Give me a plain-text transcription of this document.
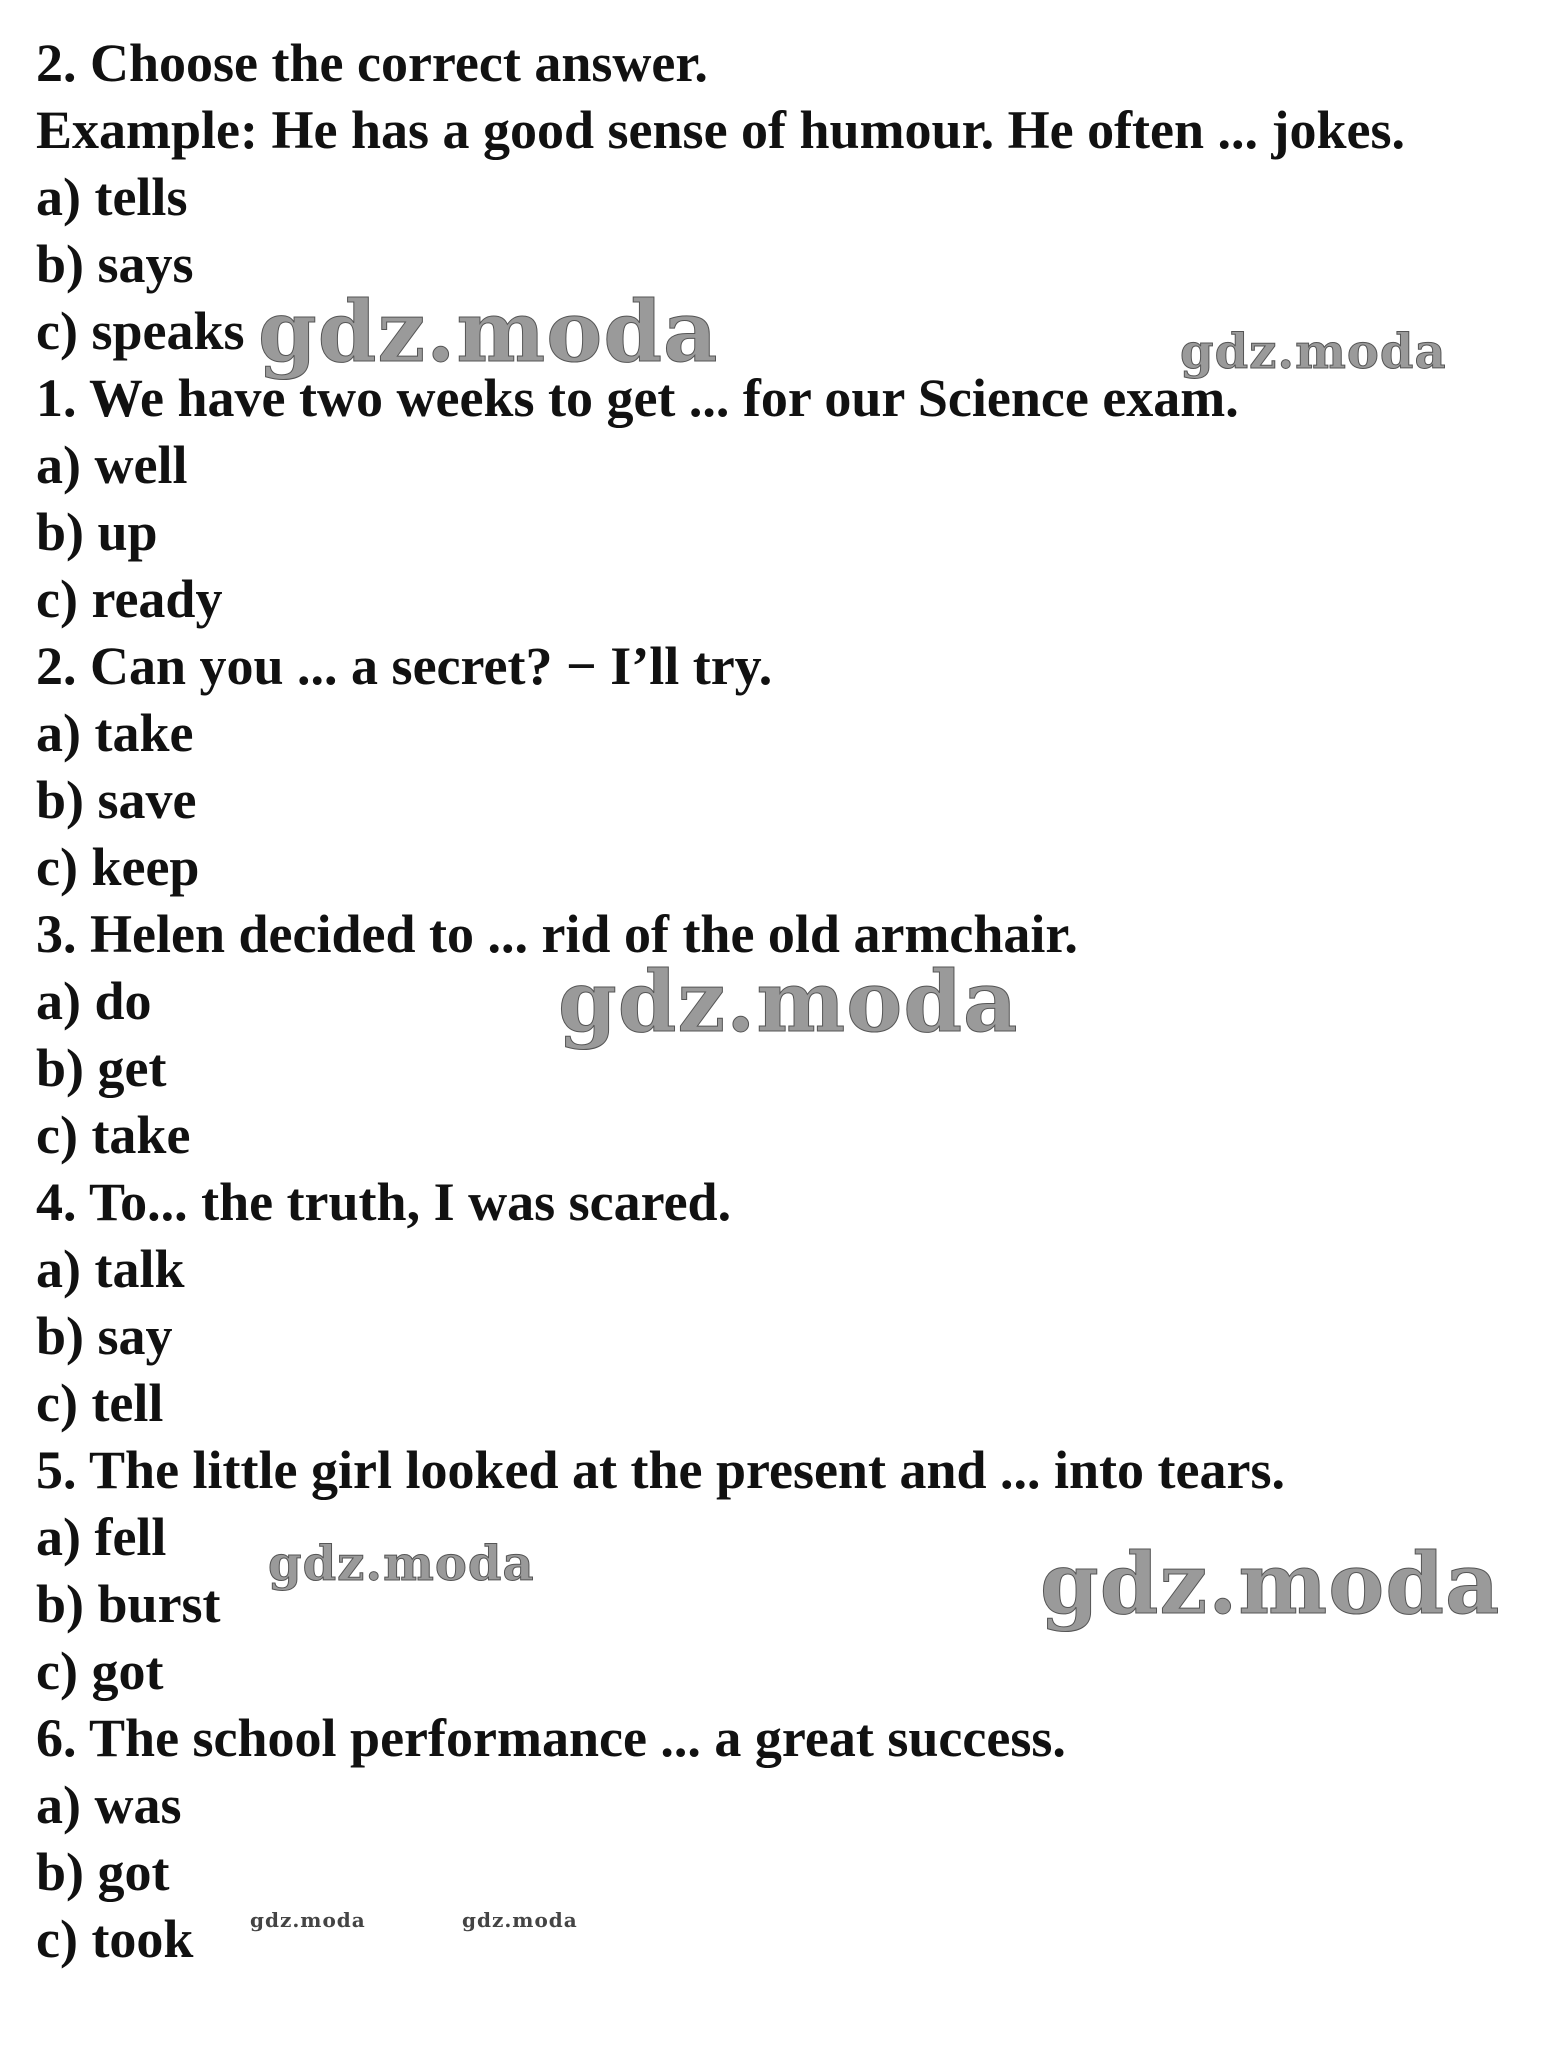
2. Choose the correct answer.
Example: He has a good sense of humour. He often ... jokes.
a) tells
b) says
c) speaks
1. We have two weeks to get ... for our Science exam.
a) well
b) up
c) ready
2. Can you ... a secret? − I’ll try.
a) take
b) save
c) keep
3. Helen decided to ... rid of the old armchair.
a) do
b) get
c) take
4. To... the truth, I was scared.
a) talk
b) say
c) tell
5. The little girl looked at the present and ... into tears.
a) fell
b) burst
c) got
6. The school performance ... a great success.
a) was
b) got
c) took
gdz.moda	gdz.moda
gdz.moda
gdz.moda	gdz.moda
gdz.moda	gdz.moda
